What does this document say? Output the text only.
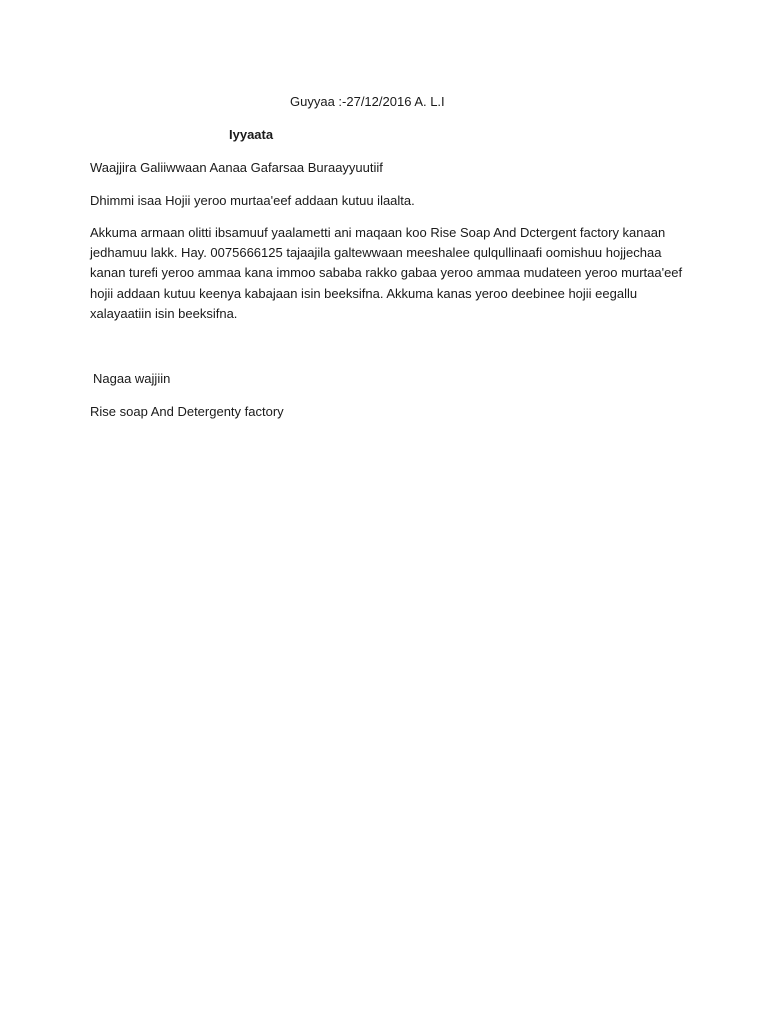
Guyyaa :-27/12/2016 A. L.I
Iyyaata
Waajjira Galiiwwaan Aanaa Gafarsaa Buraayyuutiif
Dhimmi isaa Hojii yeroo murtaa'eef addaan kutuu ilaalta.
Akkuma armaan olitti ibsamuuf yaalametti ani maqaan koo Rise Soap And Dctergent factory kanaan
jedhamuu lakk. Hay. 0075666125 tajaajila galtewwaan meeshalee qulqullinaafi oomishuu hojjechaa
kanan turefi yeroo ammaa kana immoo sababa rakko gabaa yeroo ammaa mudateen yeroo murtaa'eef
hojii addaan kutuu keenya kabajaan isin beeksifna. Akkuma kanas yeroo deebinee hojii eegallu
xalayaatiin isin beeksifna.
Nagaa wajjiin
Rise soap And Detergenty factory
